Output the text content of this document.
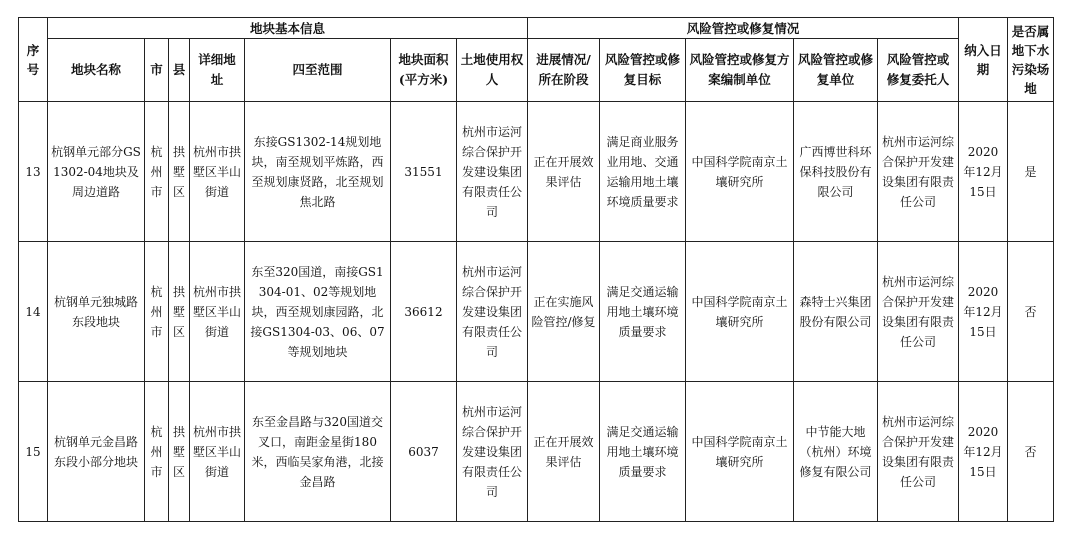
序号	地块基本信息							风险管控或修复情况					纳入日期	是否属地下水污染场地
	地块名称	市	县	详细地址	四至范围	地块面积(平方米)	土地使用权人	进展情况/所在阶段	风险管控或修复目标	风险管控或修复方案编制单位	风险管控或修复单位	风险管控或修复委托人		
13	杭钢单元部分GS1302-04地块及周边道路	杭州市	拱墅区	杭州市拱墅区半山街道	东接GS1302-14规划地块，南至规划平炼路，西至规划康贤路，北至规划焦北路	31551	杭州市运河综合保护开发建设集团有限责任公司	正在开展效果评估	满足商业服务业用地、交通运输用地土壤环境质量要求	中国科学院南京土壤研究所	广西博世科环保科技股份有限公司	杭州市运河综合保护开发建设集团有限责任公司	2020年12月15日	是
14	杭钢单元独城路东段地块	杭州市	拱墅区	杭州市拱墅区半山街道	东至320国道，南接GS1304-01、02等规划地块，西至规划康园路，北接GS1304-03、06、07等规划地块	36612	杭州市运河综合保护开发建设集团有限责任公司	正在实施风险管控/修复	满足交通运输用地土壤环境质量要求	中国科学院南京土壤研究所	森特士兴集团股份有限公司	杭州市运河综合保护开发建设集团有限责任公司	2020年12月15日	否
15	杭钢单元金昌路东段小部分地块	杭州市	拱墅区	杭州市拱墅区半山街道	东至金昌路与320国道交叉口，南距金星街180米，西临吴家角港，北接金昌路	6037	杭州市运河综合保护开发建设集团有限责任公司	正在开展效果评估	满足交通运输用地土壤环境质量要求	中国科学院南京土壤研究所	中节能大地（杭州）环境修复有限公司	杭州市运河综合保护开发建设集团有限责任公司	2020年12月15日	否
